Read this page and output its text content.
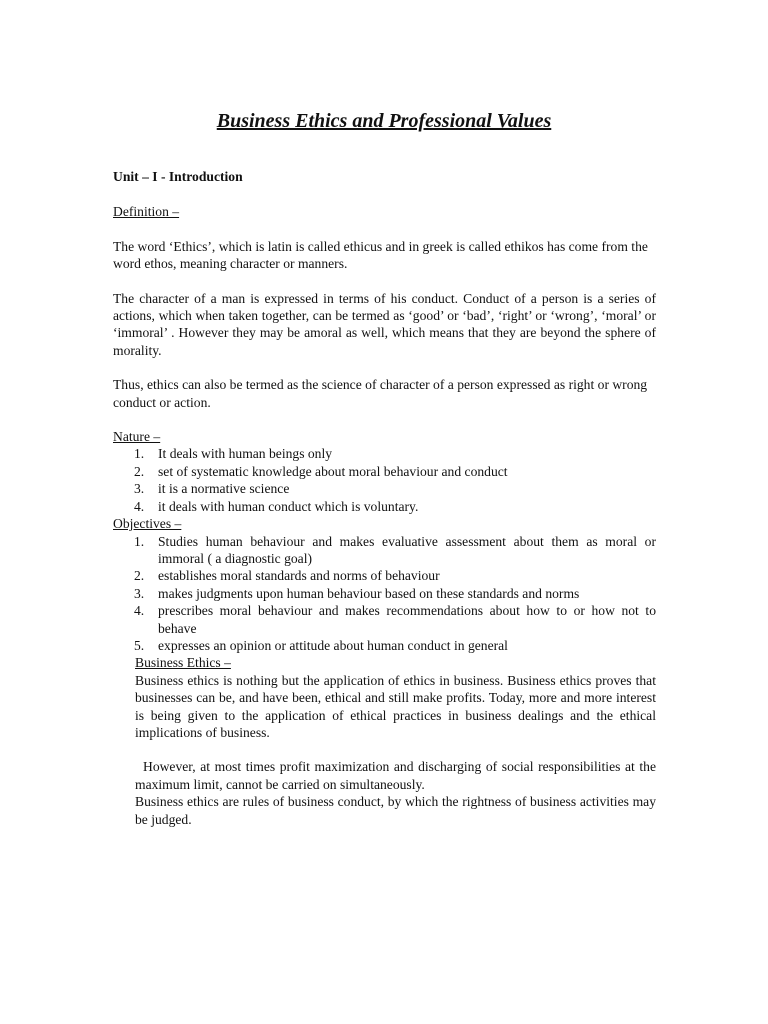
Business Ethics and Professional Values

Unit – I - Introduction

Definition –

The word ‘Ethics’, which is latin is called ethicus and in greek is called ethikos has come from the word ethos, meaning character or manners.

The character of a man is expressed in terms of his conduct. Conduct of a person is a series of actions, which when taken together, can be termed as ‘good’ or ‘bad’, ‘right’ or ‘wrong’, ‘moral’ or ‘immoral’ . However they may be amoral as well, which means that they are beyond the sphere of morality.

Thus, ethics can also be termed as the science of character of a person expressed as right or wrong conduct or action.

Nature –

1. It deals with human beings only
2. set of systematic knowledge about moral behaviour and conduct
3. it is a normative science
4. it deals with human conduct which is voluntary.

Objectives –

1. Studies human behaviour and makes evaluative assessment about them as moral or immoral ( a diagnostic goal)
2. establishes moral standards and norms of behaviour
3. makes judgments upon human behaviour based on these standards and norms
4. prescribes moral behaviour and makes recommendations about how to or how not to behave
5. expresses an opinion or attitude about human conduct in general

Business Ethics –

Business ethics is nothing but the application of ethics in business. Business ethics proves that businesses can be, and have been, ethical and still make profits. Today, more and more interest is being given to the application of ethical practices in business dealings and the ethical implications of business.

However, at most times profit maximization and discharging of social responsibilities at the maximum limit, cannot be carried on simultaneously.

Business ethics are rules of business conduct, by which the rightness of business activities may be judged.
